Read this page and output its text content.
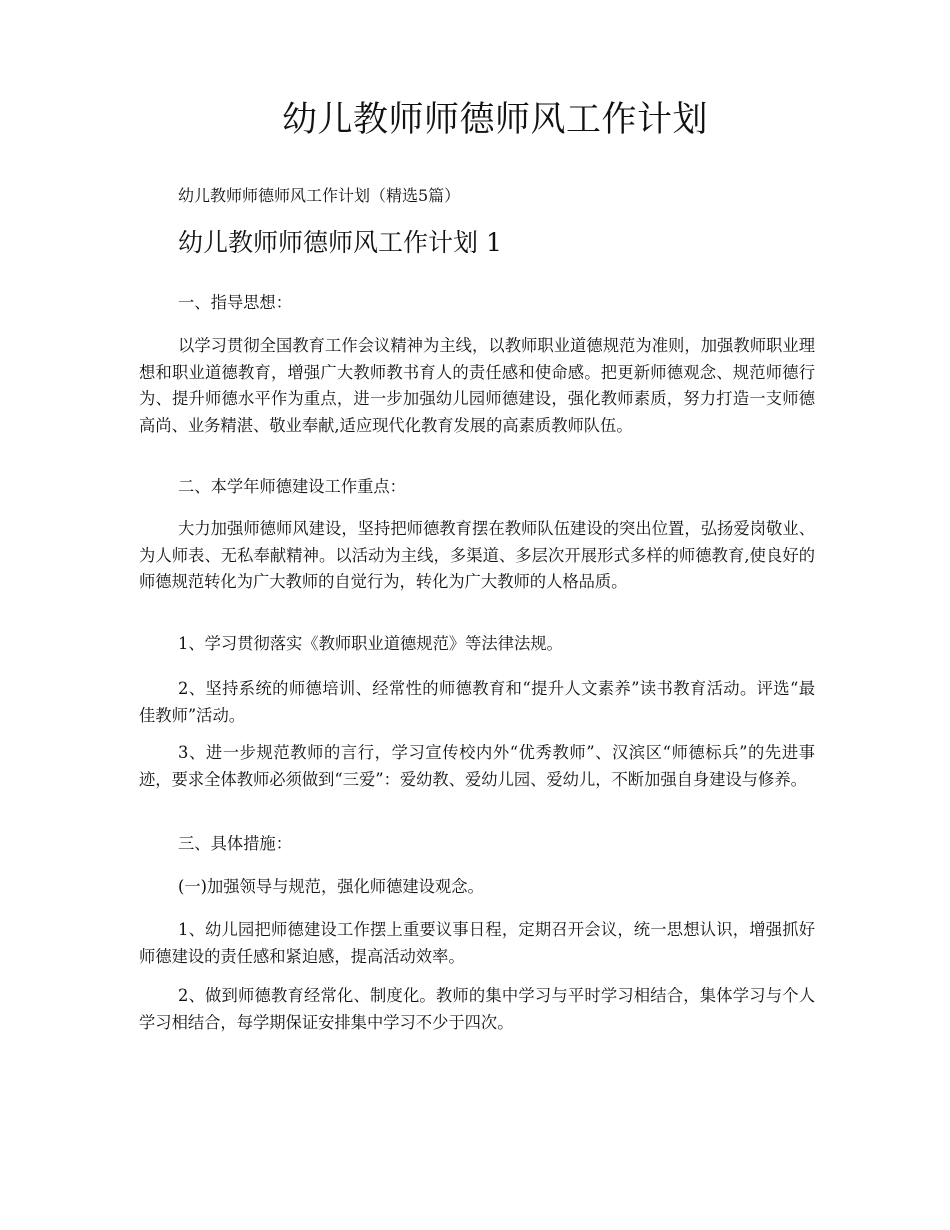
幼儿教师师德师风工作计划

幼儿教师师德师风工作计划（精选5篇）

幼儿教师师德师风工作计划 1

一、指导思想：

以学习贯彻全国教育工作会议精神为主线，以教师职业道德规范为准则，加强教师职业理想和职业道德教育，增强广大教师教书育人的责任感和使命感。把更新师德观念、规范师德行为、提升师德水平作为重点，进一步加强幼儿园师德建设，强化教师素质，努力打造一支师德高尚、业务精湛、敬业奉献,适应现代化教育发展的高素质教师队伍。

二、本学年师德建设工作重点：

大力加强师德师风建设，坚持把师德教育摆在教师队伍建设的突出位置，弘扬爱岗敬业、为人师表、无私奉献精神。以活动为主线，多渠道、多层次开展形式多样的师德教育,使良好的师德规范转化为广大教师的自觉行为，转化为广大教师的人格品质。

1、学习贯彻落实《教师职业道德规范》等法律法规。

2、坚持系统的师德培训、经常性的师德教育和“提升人文素养”读书教育活动。评选“最佳教师”活动。

3、进一步规范教师的言行，学习宣传校内外“优秀教师”、汉滨区“师德标兵”的先进事迹，要求全体教师必须做到“三爱”：爱幼教、爱幼儿园、爱幼儿，不断加强自身建设与修养。

三、具体措施：

(一)加强领导与规范，强化师德建设观念。

1、幼儿园把师德建设工作摆上重要议事日程，定期召开会议，统一思想认识，增强抓好师德建设的责任感和紧迫感，提高活动效率。

2、做到师德教育经常化、制度化。教师的集中学习与平时学习相结合，集体学习与个人学习相结合，每学期保证安排集中学习不少于四次。
